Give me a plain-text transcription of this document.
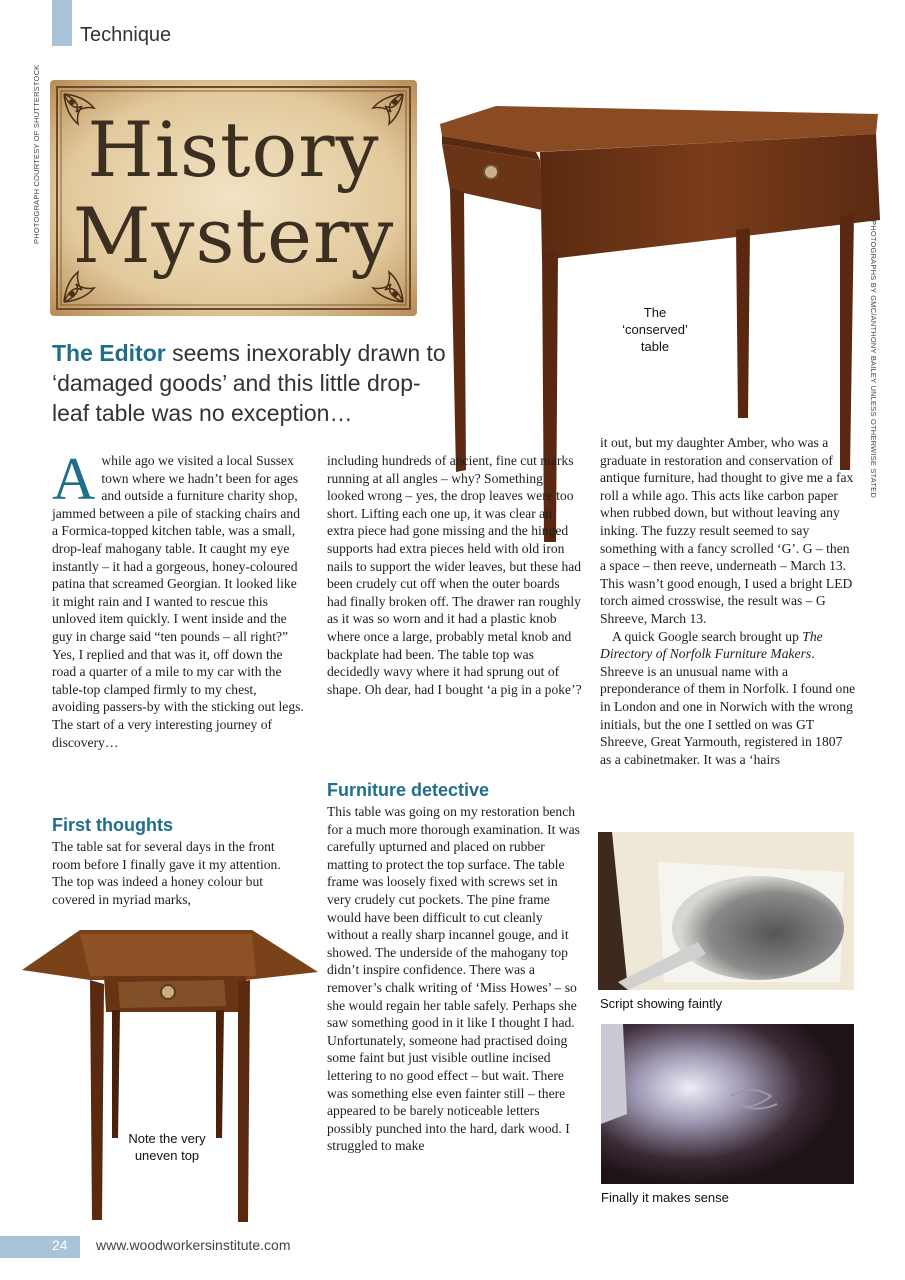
Technique
PHOTOGRAPH COURTESY OF SHUTTERSTOCK
PHOTOGRAPHS BY GMC/ANTHONY BAILEY UNLESS OTHERWISE STATED
History
Mystery
The Editor seems inexorably drawn to ‘damaged goods’ and this little drop-leaf table was no exception…
The ‘conserved’ table
A while ago we visited a local Sussex town where we hadn’t been for ages and outside a furniture charity shop, jammed between a pile of stacking chairs and a Formica-topped kitchen table, was a small, drop-leaf mahogany table. It caught my eye instantly – it had a gorgeous, honey-coloured patina that screamed Georgian. It looked like it might rain and I wanted to rescue this unloved item quickly. I went inside and the guy in charge said “ten pounds – all right?” Yes, I replied and that was it, off down the road a quarter of a mile to my car with the table-top clamped firmly to my chest, avoiding passers-by with the sticking out legs. The start of a very interesting journey of discovery…

First thoughts

The table sat for several days in the front room before I finally gave it my attention. The top was indeed a honey colour but covered in myriad marks,

Note the very uneven top

including hundreds of ancient, fine cut marks running at all angles – why? Something looked wrong – yes, the drop leaves were too short. Lifting each one up, it was clear an extra piece had gone missing and the hinged supports had extra pieces held with old iron nails to support the wider leaves, but these had been crudely cut off when the outer boards had finally broken off. The drawer ran roughly as it was so worn and it had a plastic knob where once a large, probably metal knob and backplate had been. The table top was decidedly wavy where it had sprung out of shape. Oh dear, had I bought ‘a pig in a poke’?

Furniture detective

This table was going on my restoration bench for a much more thorough examination. It was carefully upturned and placed on rubber matting to protect the top surface. The table frame was loosely fixed with screws set in very crudely cut pockets. The pine frame would have been difficult to cut cleanly without a really sharp incannel gouge, and it showed. The underside of the mahogany top didn’t inspire confidence. There was a remover’s chalk writing of ‘Miss Howes’ – so she would regain her table safely. Perhaps she saw something good in it like I thought I had. Unfortunately, someone had practised doing some faint but just visible outline incised lettering to no good effect – but wait. There was something else even fainter still – there appeared to be barely noticeable letters possibly punched into the hard, dark wood. I struggled to make

it out, but my daughter Amber, who was a graduate in restoration and conservation of antique furniture, had thought to give me a fax roll a while ago. This acts like carbon paper when rubbed down, but without leaving any inking. The fuzzy result seemed to say something with a fancy scrolled ‘G’. G – then a space – then reeve, underneath – March 13. This wasn’t good enough, I used a bright LED torch aimed crosswise, the result was – G Shreeve, March 13.

A quick Google search brought up The Directory of Norfolk Furniture Makers. Shreeve is an unusual name with a preponderance of them in Norfolk. I found one in London and one in Norwich with the wrong initials, but the one I settled on was GT Shreeve, Great Yarmouth, registered in 1807 as a cabinetmaker. It was a ‘hairs

Script showing faintly
Finally it makes sense
24 www.woodworkersinstitute.com
